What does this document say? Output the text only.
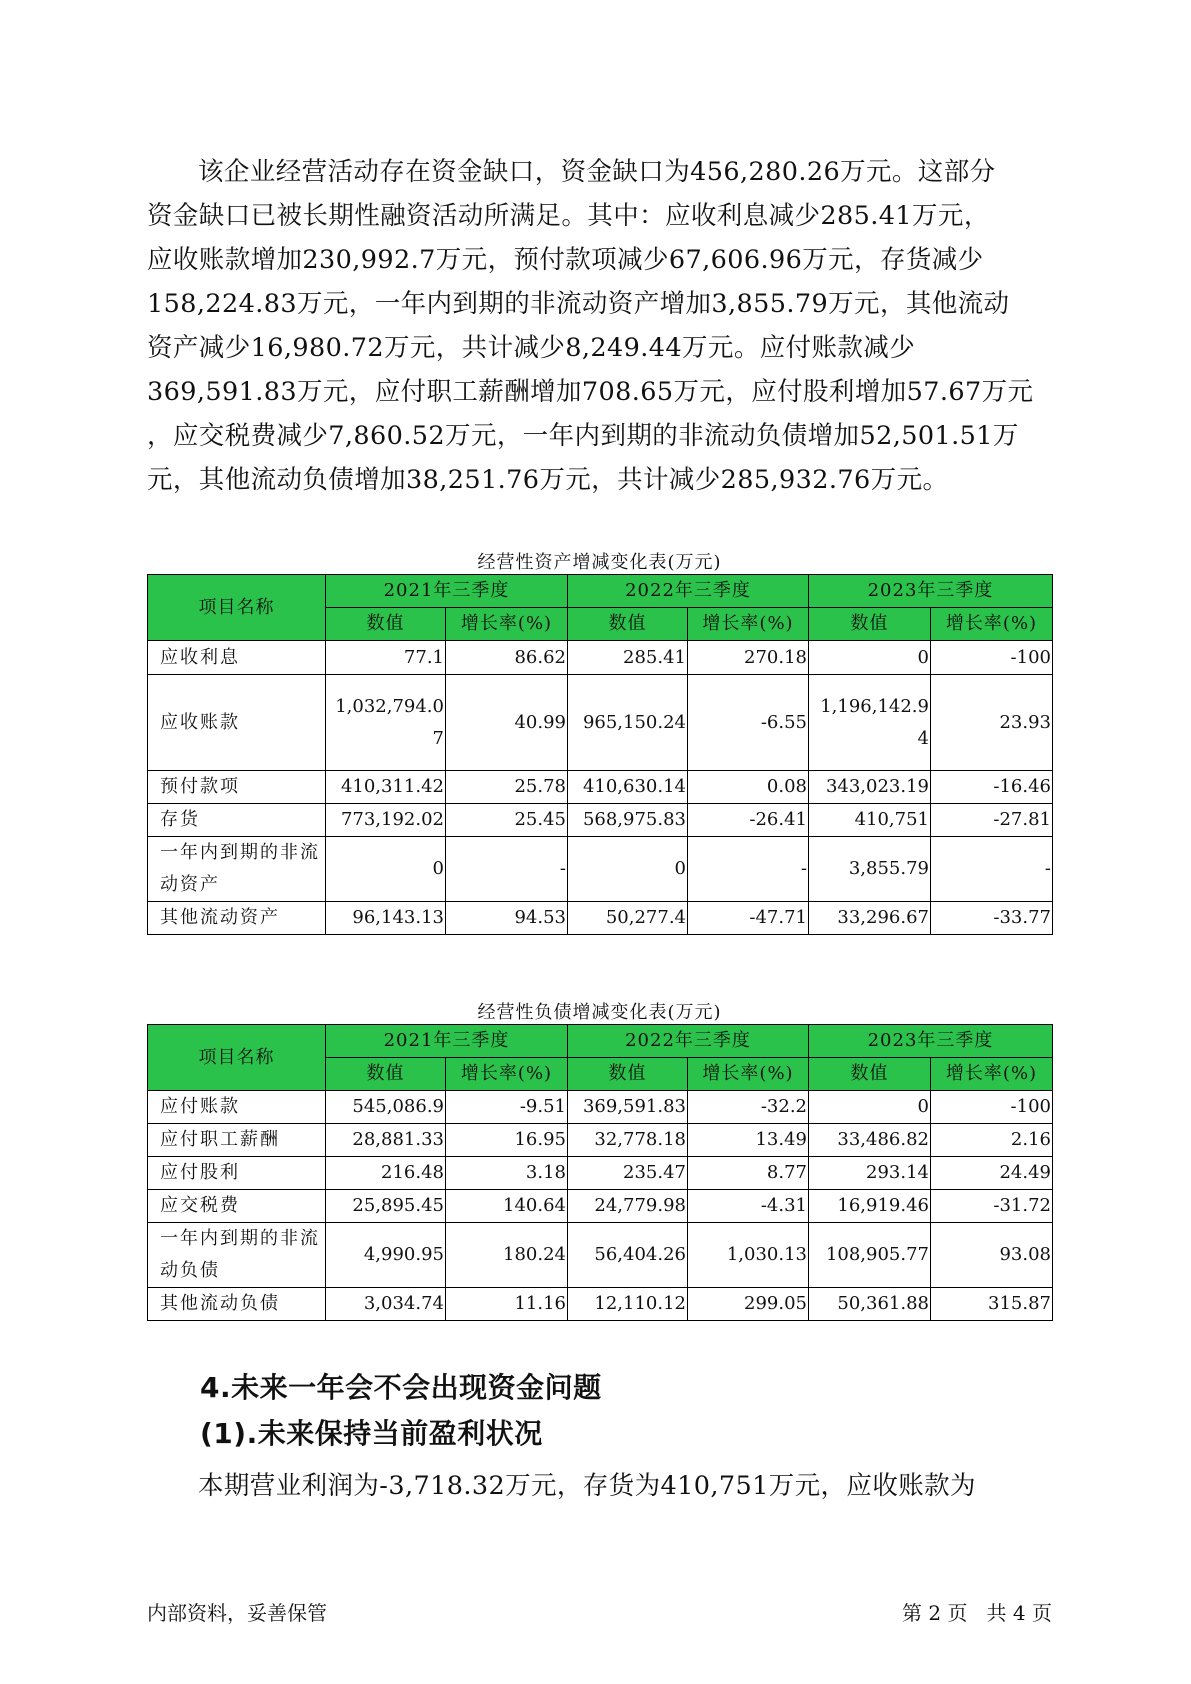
该企业经营活动存在资金缺口，资金缺口为456,280.26万元。这部分
资金缺口已被长期性融资活动所满足。其中：应收利息减少285.41万元，
应收账款增加230,992.7万元，预付款项减少67,606.96万元，存货减少
158,224.83万元，一年内到期的非流动资产增加3,855.79万元，其他流动
资产减少16,980.72万元，共计减少8,249.44万元。应付账款减少
369,591.83万元，应付职工薪酬增加708.65万元，应付股利增加57.67万元
，应交税费减少7,860.52万元，一年内到期的非流动负债增加52,501.51万
元，其他流动负债增加38,251.76万元，共计减少285,932.76万元。
经营性资产增减变化表(万元)
项目名称	2021年三季度		2022年三季度		2023年三季度	
	数值	增长率(%)	数值	增长率(%)	数值	增长率(%)
应收利息	77.1	86.62	285.41	270.18	0	-100
应收账款	1,032,794.07	40.99	965,150.24	-6.55	1,196,142.94	23.93
预付款项	410,311.42	25.78	410,630.14	0.08	343,023.19	-16.46
存货	773,192.02	25.45	568,975.83	-26.41	410,751	-27.81
一年内到期的非流动资产	0	-	0	-	3,855.79	-
其他流动资产	96,143.13	94.53	50,277.4	-47.71	33,296.67	-33.77
经营性负债增减变化表(万元)
项目名称	2021年三季度		2022年三季度		2023年三季度	
	数值	增长率(%)	数值	增长率(%)	数值	增长率(%)
应付账款	545,086.9	-9.51	369,591.83	-32.2	0	-100
应付职工薪酬	28,881.33	16.95	32,778.18	13.49	33,486.82	2.16
应付股利	216.48	3.18	235.47	8.77	293.14	24.49
应交税费	25,895.45	140.64	24,779.98	-4.31	16,919.46	-31.72
一年内到期的非流动负债	4,990.95	180.24	56,404.26	1,030.13	108,905.77	93.08
其他流动负债	3,034.74	11.16	12,110.12	299.05	50,361.88	315.87
4.未来一年会不会出现资金问题
(1).未来保持当前盈利状况
本期营业利润为-3,718.32万元，存货为410,751万元，应收账款为
内部资料，妥善保管	第 2 页   共 4 页
